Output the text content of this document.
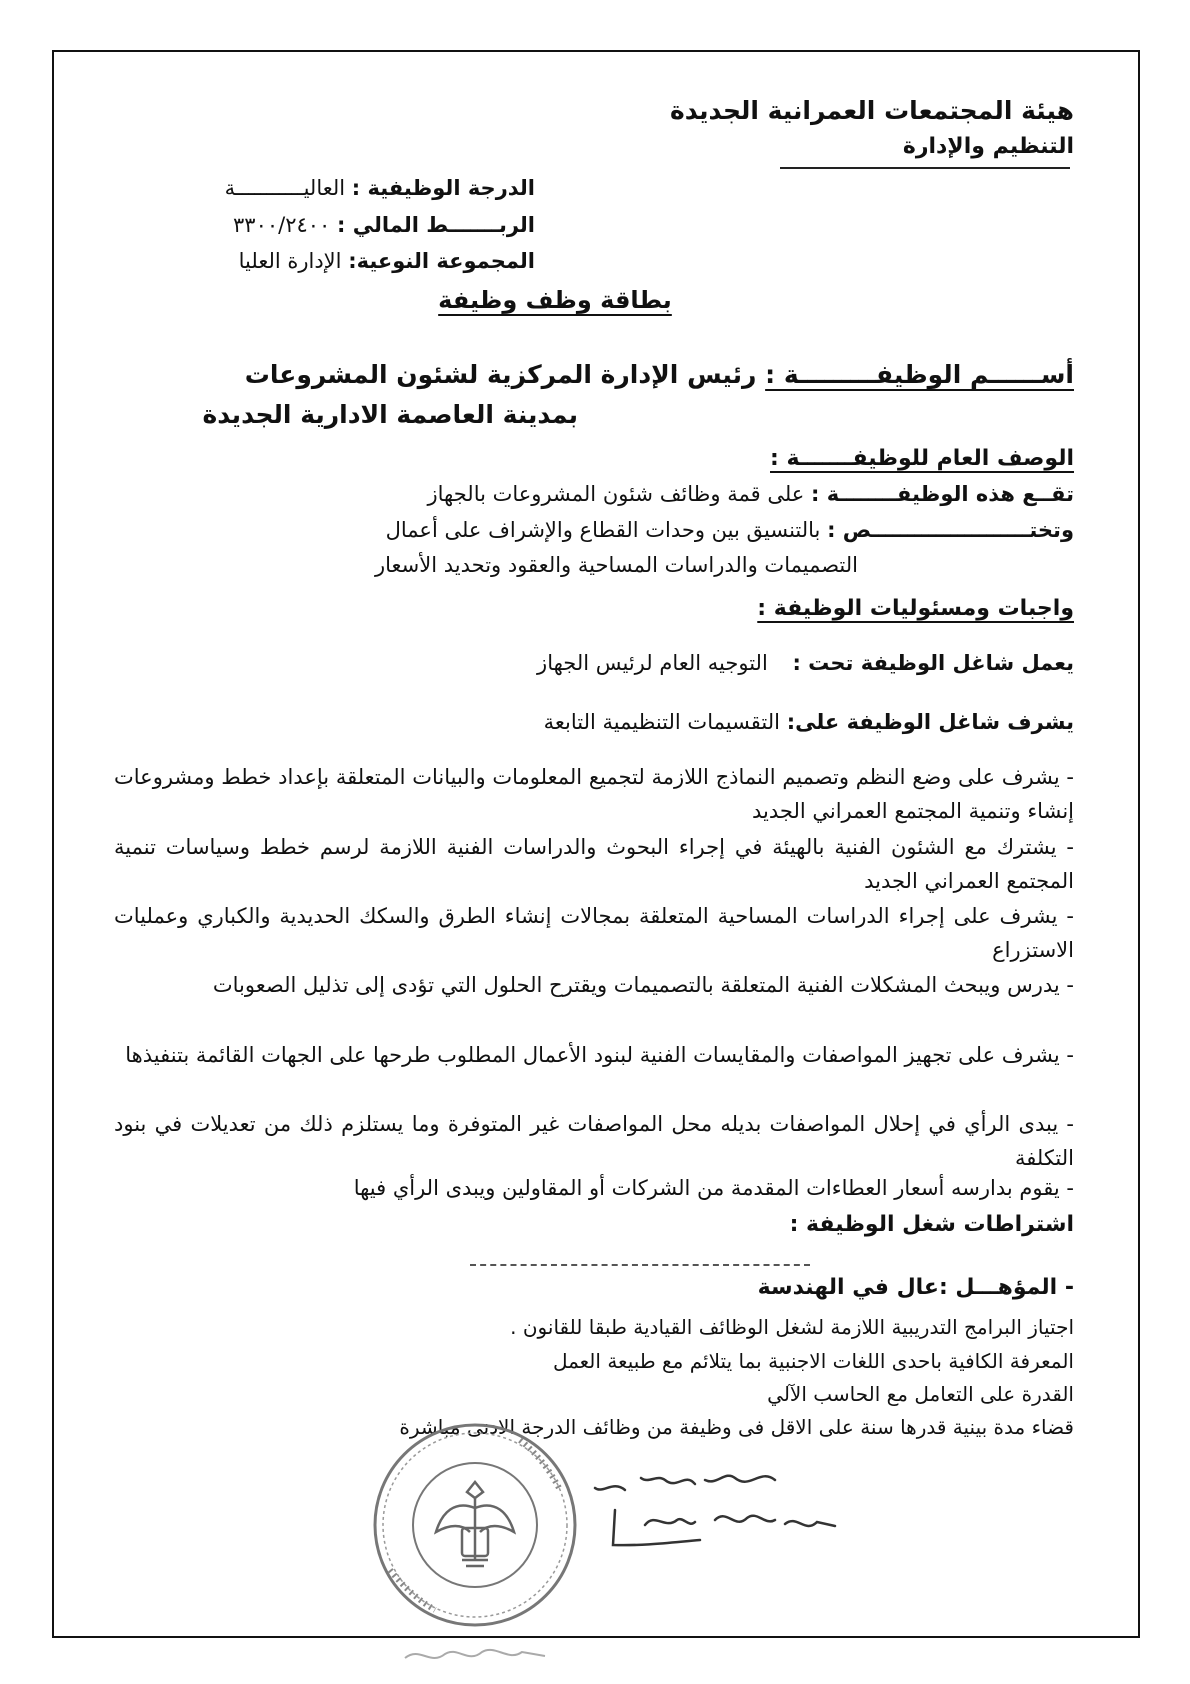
هيئة المجتمعات العمرانية الجديدة
التنظيم والإدارة
الدرجة الوظيفية : العاليـــــــــــة
الربـــــــط المالي : ٣٣٠٠/٢٤٠٠
المجموعة النوعية: الإدارة العليا
بطاقة وظف وظيفة
أســــــم الوظيفـــــــــة : رئيس الإدارة المركزية لشئون المشروعات
بمدينة العاصمة الادارية الجديدة
الوصف العام للوظيفـــــــة :
تقــع هذه الوظيفــــــــة : على قمة وظائف شئون المشروعات بالجهاز
وتختــــــــــــــــــــــص : بالتنسيق بين وحدات القطاع والإشراف على أعمال
التصميمات والدراسات المساحية والعقود وتحديد الأسعار
واجبات ومسئوليات الوظيفة :
يعمل شاغل الوظيفة تحت : التوجيه العام لرئيس الجهاز
يشرف شاغل الوظيفة على: التقسيمات التنظيمية التابعة
- يشرف على وضع النظم وتصميم النماذج اللازمة لتجميع المعلومات والبيانات المتعلقة بإعداد خطط ومشروعات إنشاء وتنمية المجتمع العمراني الجديد
- يشترك مع الشئون الفنية بالهيئة في إجراء البحوث والدراسات الفنية اللازمة لرسم خطط وسياسات تنمية المجتمع العمراني الجديد
- يشرف على إجراء الدراسات المساحية المتعلقة بمجالات إنشاء الطرق والسكك الحديدية والكباري وعمليات الاستزراع
- يدرس ويبحث المشكلات الفنية المتعلقة بالتصميمات ويقترح الحلول التي تؤدى إلى تذليل الصعوبات
- يشرف على تجهيز المواصفات والمقايسات الفنية لبنود الأعمال المطلوب طرحها على الجهات القائمة بتنفيذها
- يبدى الرأي في إحلال المواصفات بديله محل المواصفات غير المتوفرة وما يستلزم ذلك من تعديلات في بنود التكلفة
- يقوم بدارسه أسعار العطاءات المقدمة من الشركات أو المقاولين ويبدى الرأي فيها
اشتراطات شغل الوظيفة :
- المؤهـــل :عال في الهندسة
اجتياز البرامج التدريبية اللازمة لشغل الوظائف القيادية طبقا للقانون .
المعرفة الكافية باحدى اللغات الاجنبية بما يتلائم مع طبيعة العمل
القدرة على التعامل مع الحاسب الآلي
قضاء مدة بينية قدرها سنة على الاقل فى وظيفة من وظائف الدرجة الادنى مباشرة
